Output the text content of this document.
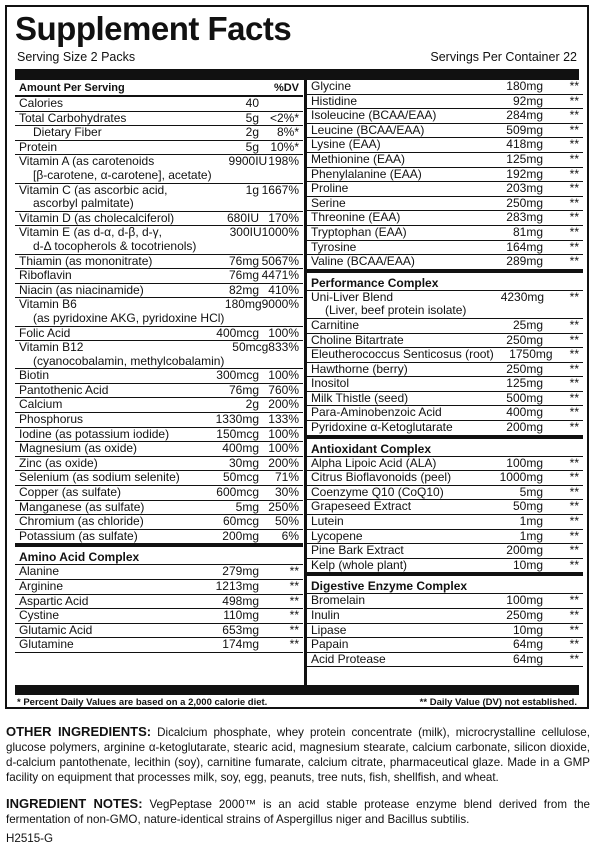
Supplement Facts
Serving Size 2 Packs	Servings Per Container 22
Amount Per Serving	%DV
Calories	40
Total Carbohydrates	5g <2%*
Dietary Fiber	2g	8%*
Protein	5g 10%*
Vitamin A (as carotenoids
[β-carotene, α-carotene], acetate)
9900IU 198%
Vitamin C (as ascorbic acid,
ascorbyl palmitate)
1g 1667%
Vitamin D (as cholecalciferol)	680IU 170%
Vitamin E (as d-α, d-β, d-γ,
d-Δ tocopherols & tocotrienols)
300IU 1000%
Thiamin (as mononitrate)	76mg 5067%
Riboflavin	76mg 4471%
Niacin (as niacinamide)	82mg 410%
Vitamin B6
(as pyridoxine AKG, pyridoxine HCl)
180mg 9000%
Folic Acid	400mcg 100%
Vitamin B12
(cyanocobalamin, methylcobalamin)
50mcg 833%
Biotin	300mcg 100%
Pantothenic Acid	76mg 760%
Calcium	2g 200%
Phosphorus	1330mg 133%
Iodine (as potassium iodide)	150mcg 100%
Magnesium (as oxide)	400mg 100%
Zinc (as oxide)	30mg 200%
Selenium (as sodium selenite)	50mcg	71%
Copper (as sulfate)	600mcg	30%
Manganese (as sulfate)	5mg 250%
Chromium (as chloride)	60mcg	50%
Potassium (as sulfate)	200mg	6%
Amino Acid Complex
Alanine	279mg	**
Arginine	1213mg	**
Aspartic Acid	498mg	**
Cystine	110mg	**
Glutamic Acid	653mg	**
Glutamine	174mg	**
Glycine	180mg	**
Histidine	92mg	**
Isoleucine (BCAA/EAA)	284mg	**
Leucine (BCAA/EAA)	509mg	**
Lysine (EAA)	418mg	**
Methionine (EAA)	125mg	**
Phenylalanine (EAA)	192mg	**
Proline	203mg	**
Serine	250mg	**
Threonine (EAA)	283mg	**
Tryptophan (EAA)	81mg	**
Tyrosine	164mg	**
Valine (BCAA/EAA)	289mg	**
Performance Complex
Uni-Liver Blend
(Liver, beef protein isolate)
4230mg	**
Carnitine	25mg	**
Choline Bitartrate	250mg	**
Eleutherococcus Senticosus (root)	1750mg	**
Hawthorne (berry)	250mg	**
Inositol	125mg	**
Milk Thistle (seed)	500mg	**
Para-Aminobenzoic Acid	400mg	**
Pyridoxine α-Ketoglutarate	200mg	**
Antioxidant Complex
Alpha Lipoic Acid (ALA)	100mg	**
Citrus Bioflavonoids (peel)	1000mg	**
Coenzyme Q10 (CoQ10)	5mg	**
Grapeseed Extract	50mg	**
Lutein	1mg	**
Lycopene	1mg	**
Pine Bark Extract	200mg	**
Kelp (whole plant)	10mg	**
Digestive Enzyme Complex
Bromelain	100mg	**
Inulin	250mg	**
Lipase	10mg	**
Papain	64mg	**
Acid Protease	64mg	**
* Percent Daily Values are based on a 2,000 calorie diet.	** Daily Value (DV) not established.
OTHER INGREDIENTS: Dicalcium phosphate, whey protein concentrate (milk), microcrystalline cellulose, glucose polymers, arginine α-ketoglutarate, stearic acid, magnesium stearate, calcium carbonate, silicon dioxide, d-calcium pantothenate, lecithin (soy), carnitine fumarate, calcium citrate, pharmaceutical glaze. Made in a GMP facility on equipment that processes milk, soy, egg, peanuts, tree nuts, fish, shellfish, and wheat.
INGREDIENT NOTES: VegPeptase 2000™ is an acid stable protease enzyme blend derived from the fermentation of non-GMO, nature-identical strains of Aspergillus niger and Bacillus subtilis.
H2515-G
